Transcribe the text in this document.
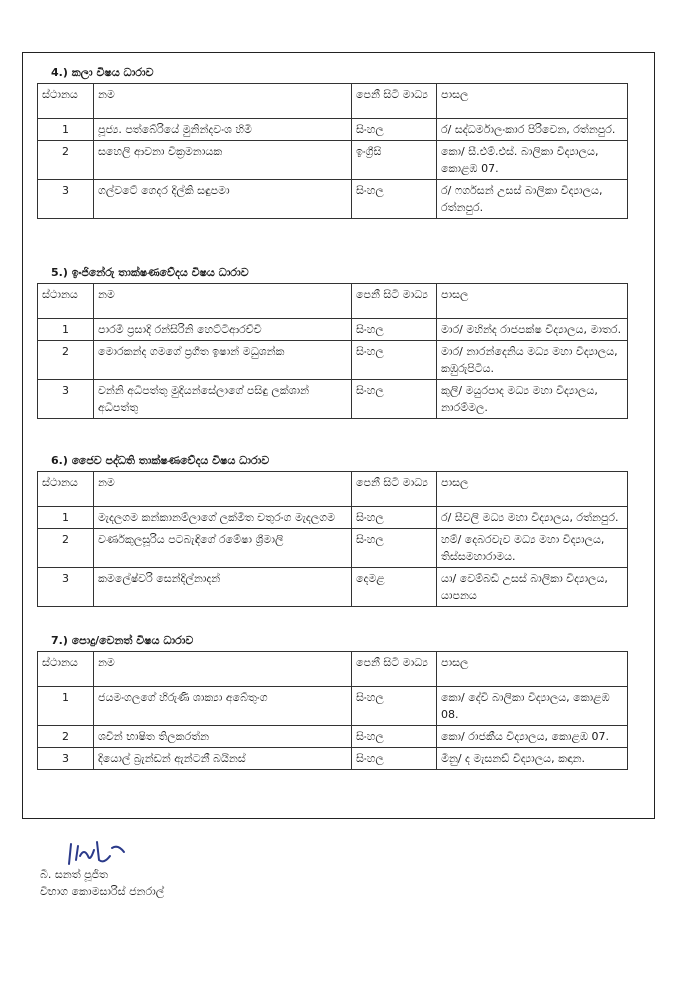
4.) කලා විෂය ධාරාව
ස්ථානය	නම	පෙනී සිටි මාධ්‍ය	පාසල
1	පූජ්‍ය. පත්බේරියේ මුනින්දවංශ හිමි	සිංහල	ර/ සද්ධර්මාලංකාර පිරිවෙන, රත්නපුර.
2	සහෙලි ආවනා වික්‍රමනායක	ඉංග්‍රීසි	කො/ සී.එම්.එස්. බාලිකා විද්‍යාලය, කොළඹ 07.
3	ගල්වටේ ගෙදර දිල්කි සඳුපමා	සිංහල	ර/ ෆර්ගසන් උසස් බාලිකා විද්‍යාලය, රත්නපුර.
5.) ඉංජිනේරු තාක්ෂණවේදය විෂය ධාරාව
ස්ථානය	නම	පෙනී සිටි මාධ්‍ය	පාසල
1	පාරමි ප්‍රසාදි රන්සිරිනි හෙට්ටිආරච්චි	සිංහල	මාර/ මහින්ද රාජපක්ෂ විද්‍යාලය, මාතර.
2	මොරකන්ද ගමගේ ප්‍රගීත ඉෂාන් මධුශන්ක	සිංහල	මාර/ නාරන්දෙනිය මධ්‍ය මහා විද්‍යාලය, කඹුරුපිටිය.
3	වන්නි අධිපත්තු මුදියන්සේලාගේ පසිඳු ලක්ශාන් අධිපත්තු	සිංහල	කුලි/ මයුරපාද මධ්‍ය මහා විද්‍යාලය, නාරම්මල.
6.) ජෛව පද්ධති තාක්ෂණවේදය විෂය ධාරාව
ස්ථානය	නම	පෙනී සිටි මාධ්‍ය	පාසල
1	මැදලගම කන්කානම්ලාගේ ලක්මිත චතුරංග මැදලගම	සිංහල	ර/ සීවලි මධ්‍ය මහා විද්‍යාලය, රත්නපුර.
2	වර්ණකුලසූරිය පටබැඳිගේ රමේෂා ශ්‍රීමාලි	සිංහල	හම්/ දෙබරවැව මධ්‍ය මහා විද්‍යාලය, තිස්සමහාරාමය.
3	කමලේෂ්වරි සෙන්දිල්නාදන්	දෙමළ	යා/ වෙම්බඩි උසස් බාලිකා විද්‍යාලය, යාපනය
7.) පොදු/වෙනත් විෂය ධාරාව
ස්ථානය	නම	පෙනී සිටි මාධ්‍ය	පාසල
1	ජයමංගලගේ හිරුණි ශාක්‍යා අබේතුංග	සිංහල	කො/ දේවි බාලිකා විද්‍යාලය, කොළඹ 08.
2	ශවින් භාෂිත තිලකරත්න	සිංහල	කො/ රාජකීය විද්‍යාලය, කොළඹ 07.
3	දියොල් බ්‍රැන්ඩන් ඇන්ටනී බයිනස්	සිංහල	මීනු/ ද මැසනඩ් විද්‍යාලය, කඳාන.
බී. සනත් පූජිත
විභාග කොමසාරිස් ජනරාල්
